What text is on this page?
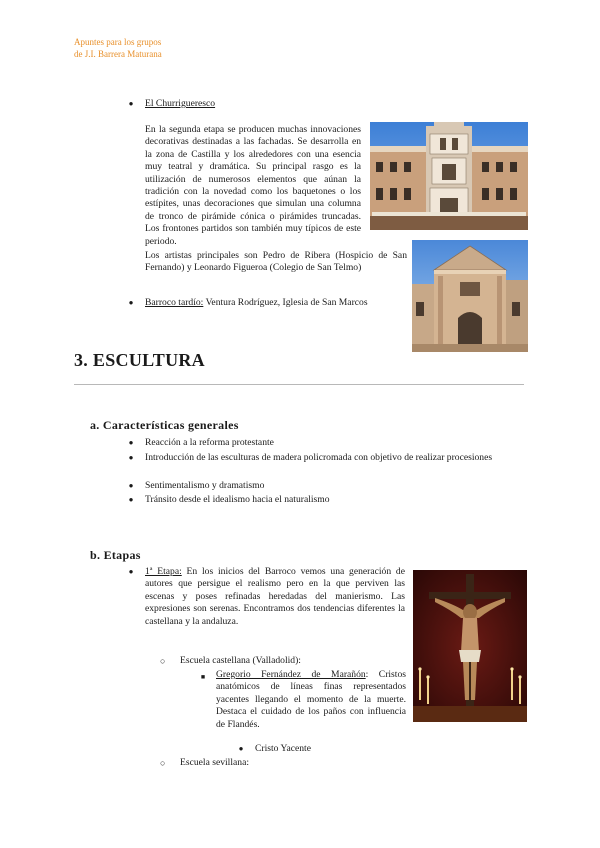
Apuntes para los grupos
de J.I. Barrera Maturana
● El Churrigueresco
En la segunda etapa se producen muchas innovaciones decorativas destinadas a las fachadas. Se desarrolla en la zona de Castilla y los alrededores con una esencia muy teatral y dramática. Su principal rasgo es la utilización de numerosos elementos que aúnan la tradición con la novedad como los baquetones o los estípites, unas decoraciones que simulan una columna de tronco de pirámide cónica o pirámides truncadas. Los frontones partidos son también muy típicos de este periodo.
Los artistas principales son Pedro de Ribera (Hospicio de San Fernando) y Leonardo Figueroa (Colegio de San Telmo)
● Barroco tardío: Ventura Rodríguez, Iglesia de San Marcos
3. ESCULTURA
a. Características generales
● Reacción a la reforma protestante
● Introducción de las esculturas de madera policromada con objetivo de realizar procesiones
● Sentimentalismo y dramatismo
● Tránsito desde el idealismo hacia el naturalismo
b. Etapas
● 1ª Etapa: En los inicios del Barroco vemos una generación de autores que persigue el realismo pero en la que perviven las escenas y poses refinadas heredadas del manierismo. Las expresiones son serenas. Encontramos dos tendencias diferentes la castellana y la andaluza.
○ Escuela castellana (Valladolid):
■	Gregorio Fernández de Marañón: Cristos anatómicos de líneas finas representados yacentes llegando el momento de la muerte. Destaca el cuidado de los paños con influencia de Flandés.
● Cristo Yacente
○ Escuela sevillana:
